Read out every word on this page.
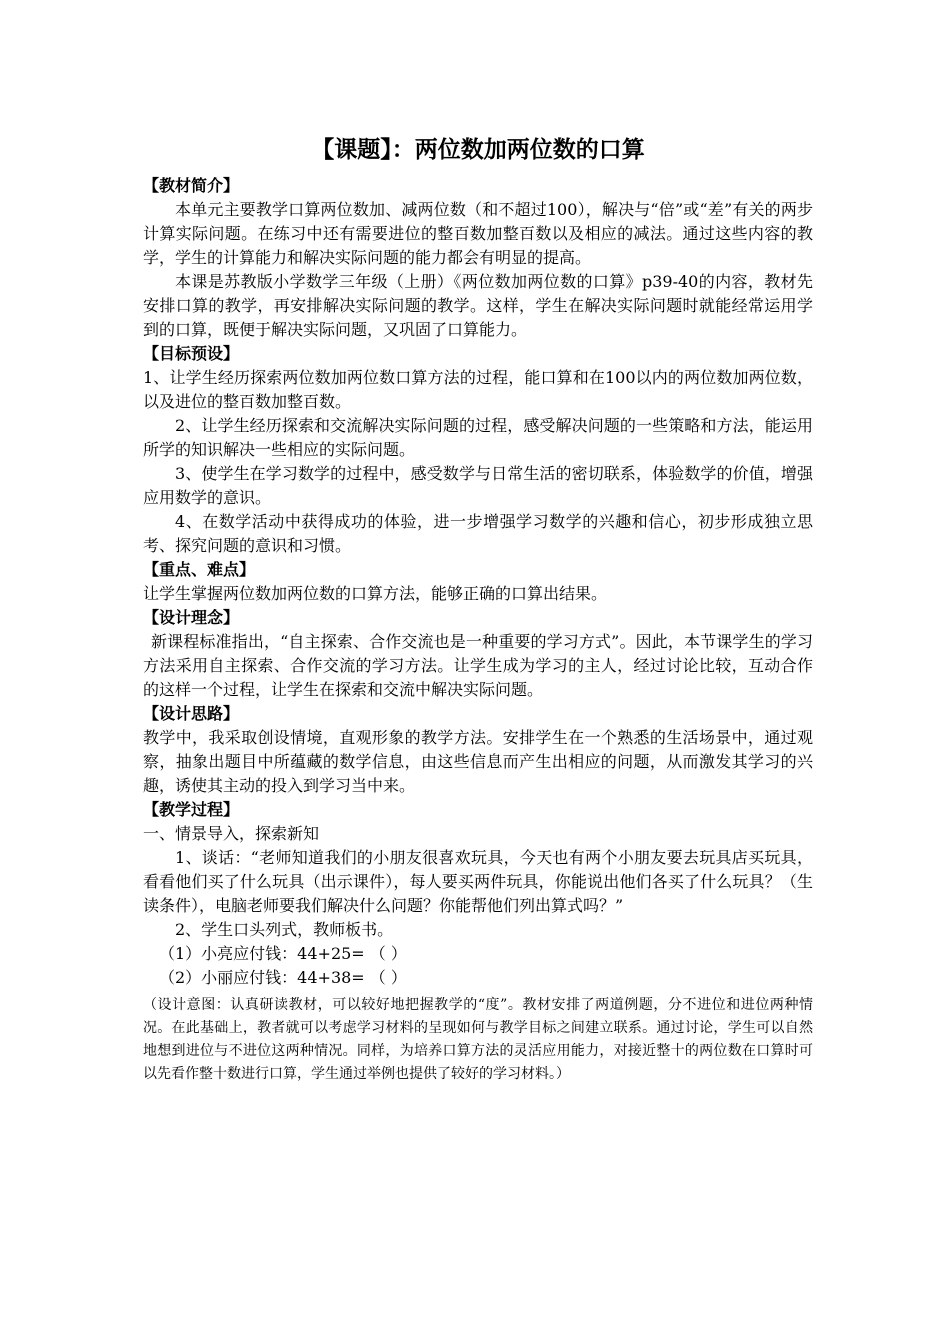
【课题】：两位数加两位数的口算
【教材简介】

本单元主要教学口算两位数加、减两位数（和不超过100），解决与“倍”或“差”有关的两步计算实际问题。在练习中还有需要进位的整百数加整百数以及相应的减法。通过这些内容的教学，学生的计算能力和解决实际问题的能力都会有明显的提高。

本课是苏教版小学数学三年级（上册）《两位数加两位数的口算》p39-40的内容，教材先安排口算的教学，再安排解决实际问题的教学。这样，学生在解决实际问题时就能经常运用学到的口算，既便于解决实际问题，又巩固了口算能力。

【目标预设】

1、让学生经历探索两位数加两位数口算方法的过程，能口算和在100以内的两位数加两位数，以及进位的整百数加整百数。

2、让学生经历探索和交流解决实际问题的过程，感受解决问题的一些策略和方法，能运用所学的知识解决一些相应的实际问题。

3、使学生在学习数学的过程中，感受数学与日常生活的密切联系，体验数学的价值，增强应用数学的意识。

4、在数学活动中获得成功的体验，进一步增强学习数学的兴趣和信心，初步形成独立思考、探究问题的意识和习惯。

【重点、难点】

让学生掌握两位数加两位数的口算方法，能够正确的口算出结果。

【设计理念】

新课程标准指出，“自主探索、合作交流也是一种重要的学习方式”。因此，本节课学生的学习方法采用自主探索、合作交流的学习方法。让学生成为学习的主人，经过讨论比较，互动合作的这样一个过程，让学生在探索和交流中解决实际问题。

【设计思路】

教学中，我采取创设情境，直观形象的教学方法。安排学生在一个熟悉的生活场景中，通过观察，抽象出题目中所蕴藏的数学信息，由这些信息而产生出相应的问题，从而激发其学习的兴趣，诱使其主动的投入到学习当中来。

【教学过程】

一、情景导入，探索新知

1、谈话：“老师知道我们的小朋友很喜欢玩具，今天也有两个小朋友要去玩具店买玩具，看看他们买了什么玩具（出示课件），每人要买两件玩具，你能说出他们各买了什么玩具？（生读条件），电脑老师要我们解决什么问题？你能帮他们列出算式吗？”

2、学生口头列式，教师板书。

（1）小亮应付钱：44+25= （ ）

（2）小丽应付钱：44+38= （ ）

（设计意图：认真研读教材，可以较好地把握教学的“度”。教材安排了两道例题，分不进位和进位两种情况。在此基础上，教者就可以考虑学习材料的呈现如何与教学目标之间建立联系。通过讨论，学生可以自然地想到进位与不进位这两种情况。同样，为培养口算方法的灵活应用能力，对接近整十的两位数在口算时可以先看作整十数进行口算，学生通过举例也提供了较好的学习材料。）
